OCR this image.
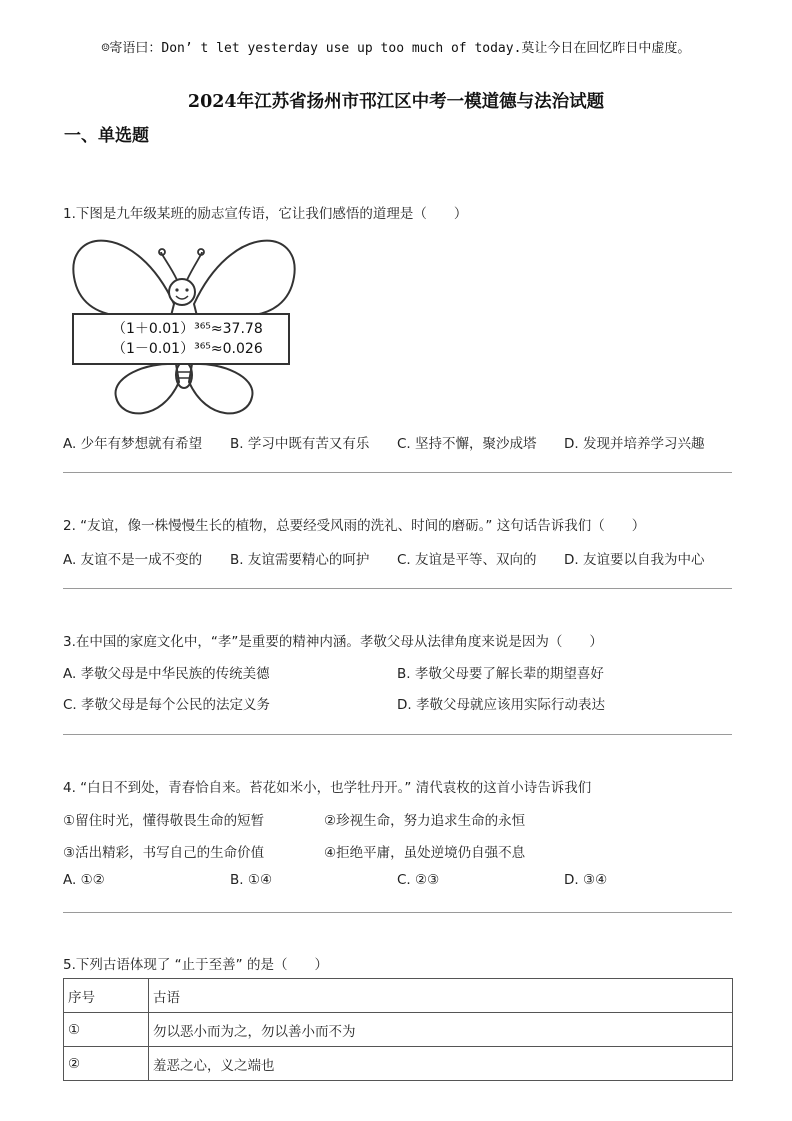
☺寄语曰：Don’ t let yesterday use up too much of today.莫让今日在回忆昨日中虚度。
2024年江苏省扬州市邗江区中考一模道德与法治试题
一、单选题
1.下图是九年级某班的励志宣传语，它让我们感悟的道理是（　　）
（1＋0.01）³⁶⁵≈37.78
（1－0.01）³⁶⁵≈0.026
A. 少年有梦想就有希望 B. 学习中既有苦又有乐 C. 坚持不懈，聚沙成塔 D. 发现并培养学习兴趣
2. “友谊，像一株慢慢生长的植物，总要经受风雨的洗礼、时间的磨砺。” 这句话告诉我们（　　）
A. 友谊不是一成不变的 B. 友谊需要精心的呵护 C. 友谊是平等、双向的 D. 友谊要以自我为中心
3.在中国的家庭文化中，“孝”是重要的精神内涵。孝敬父母从法律角度来说是因为（　　）
A. 孝敬父母是中华民族的传统美德	B. 孝敬父母要了解长辈的期望喜好
C. 孝敬父母是每个公民的法定义务	D. 孝敬父母就应该用实际行动表达
4. “白日不到处，青春恰自来。苔花如米小，也学牡丹开。” 清代袁枚的这首小诗告诉我们
①留住时光，懂得敬畏生命的短暂	②珍视生命，努力追求生命的永恒
③活出精彩，书写自己的生命价值	④拒绝平庸，虽处逆境仍自强不息
A. ①②	B. ①④	C. ②③	D. ③④
5.下列古语体现了 “止于至善” 的是（　　）
序号	古语
①	勿以恶小而为之，勿以善小而不为
②	羞恶之心，义之端也
